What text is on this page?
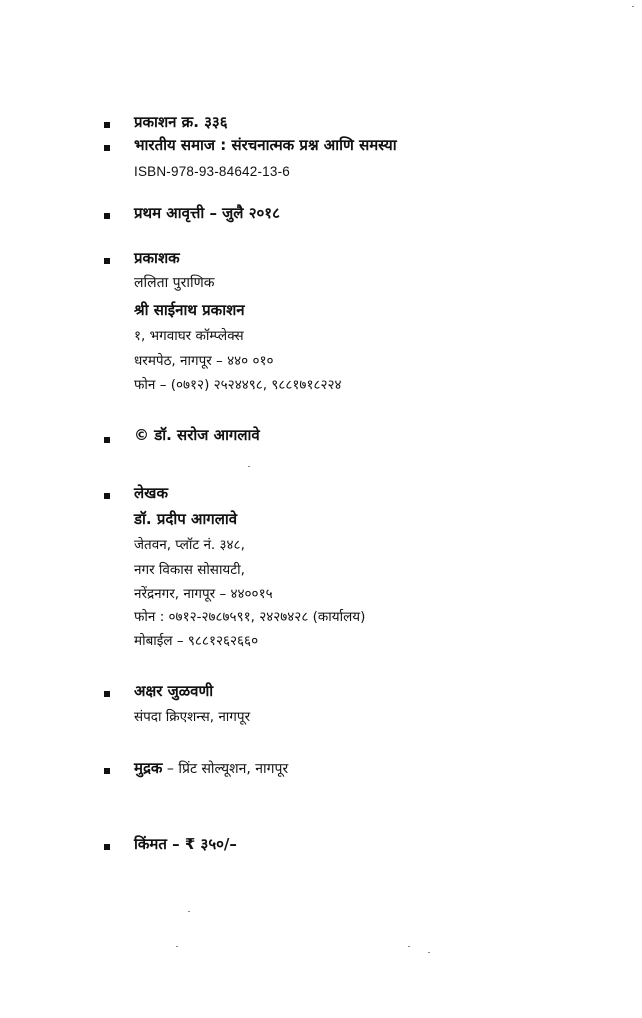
प्रकाशन क्र. ३३६
भारतीय समाज : संरचनात्मक प्रश्न आणि समस्या
ISBN-978-93-84642-13-6
प्रथम आवृत्ती – जुलै २०१८
प्रकाशक
ललिता पुराणिक
श्री साईनाथ प्रकाशन
१, भगवाघर कॉम्प्लेक्स
धरमपेठ, नागपूर – ४४० ०१०
फोन – (०७१२) २५२४४९८, ९८८१७१८२२४
© डॉ. सरोज आगलावे
लेखक
डॉ. प्रदीप आगलावे
जेतवन, प्लॉट नं. ३४८,
नगर विकास सोसायटी,
नरेंद्रनगर, नागपूर – ४४००१५
फोन : ०७१२-२७८७५९१, २४२७४२८ (कार्यालय)
मोबाईल – ९८८१२६२६६०
अक्षर जुळवणी
संपदा क्रिएशन्स, नागपूर
मुद्रक – प्रिंट सोल्यूशन, नागपूर
किंमत – ₹ ३५०/–
